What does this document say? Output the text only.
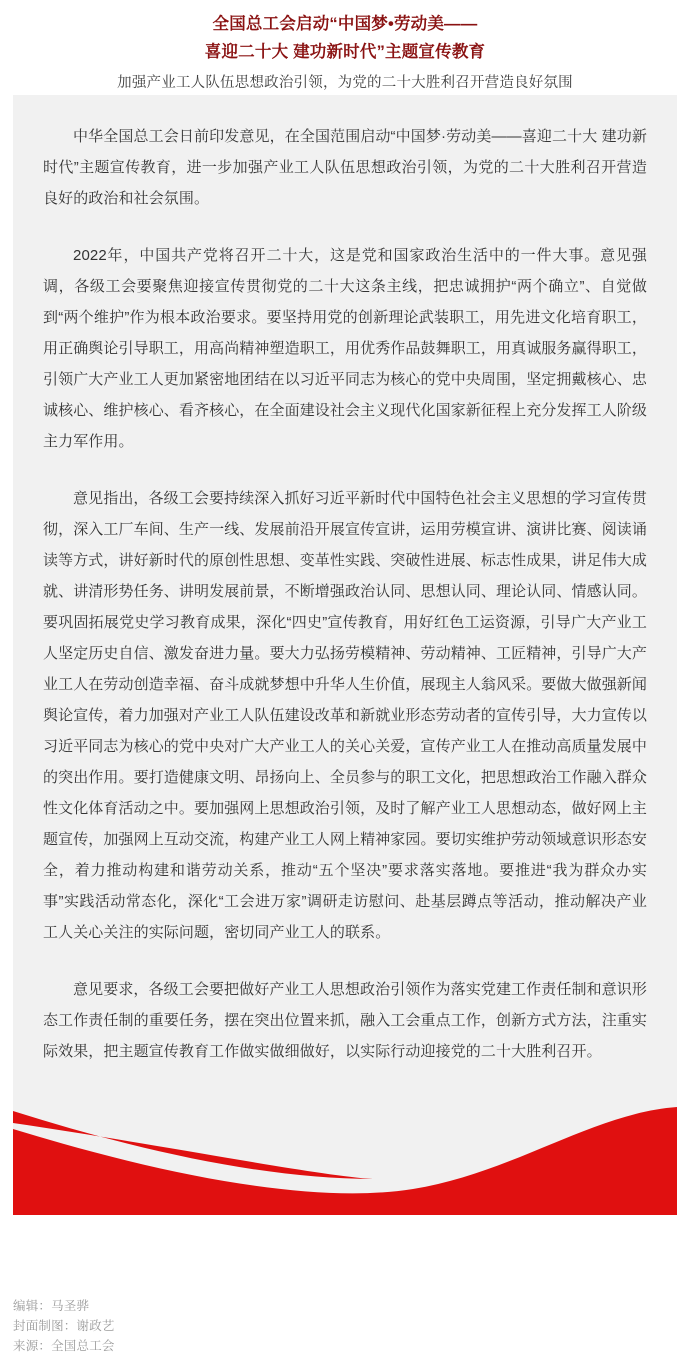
全国总工会启动“中国梦•劳动美——
喜迎二十大 建功新时代”主题宣传教育
加强产业工人队伍思想政治引领，为党的二十大胜利召开营造良好氛围

中华全国总工会日前印发意见，在全国范围启动“中国梦·劳动美——喜迎二十大 建功新时代”主题宣传教育，进一步加强产业工人队伍思想政治引领，为党的二十大胜利召开营造良好的政治和社会氛围。

2022年，中国共产党将召开二十大，这是党和国家政治生活中的一件大事。意见强调，各级工会要聚焦迎接宣传贯彻党的二十大这条主线，把忠诚拥护“两个确立”、自觉做到“两个维护”作为根本政治要求。要坚持用党的创新理论武装职工，用先进文化培育职工，用正确舆论引导职工，用高尚精神塑造职工，用优秀作品鼓舞职工，用真诚服务赢得职工，引领广大产业工人更加紧密地团结在以习近平同志为核心的党中央周围，坚定拥戴核心、忠诚核心、维护核心、看齐核心，在全面建设社会主义现代化国家新征程上充分发挥工人阶级主力军作用。

意见指出，各级工会要持续深入抓好习近平新时代中国特色社会主义思想的学习宣传贯彻，深入工厂车间、生产一线、发展前沿开展宣传宣讲，运用劳模宣讲、演讲比赛、阅读诵读等方式，讲好新时代的原创性思想、变革性实践、突破性进展、标志性成果，讲足伟大成就、讲清形势任务、讲明发展前景，不断增强政治认同、思想认同、理论认同、情感认同。要巩固拓展党史学习教育成果，深化“四史”宣传教育，用好红色工运资源，引导广大产业工人坚定历史自信、激发奋进力量。要大力弘扬劳模精神、劳动精神、工匠精神，引导广大产业工人在劳动创造幸福、奋斗成就梦想中升华人生价值，展现主人翁风采。要做大做强新闻舆论宣传，着力加强对产业工人队伍建设改革和新就业形态劳动者的宣传引导，大力宣传以习近平同志为核心的党中央对广大产业工人的关心关爱，宣传产业工人在推动高质量发展中的突出作用。要打造健康文明、昂扬向上、全员参与的职工文化，把思想政治工作融入群众性文化体育活动之中。要加强网上思想政治引领，及时了解产业工人思想动态，做好网上主题宣传，加强网上互动交流，构建产业工人网上精神家园。要切实维护劳动领域意识形态安全，着力推动构建和谐劳动关系，推动“五个坚决”要求落实落地。要推进“我为群众办实事”实践活动常态化，深化“工会进万家”调研走访慰问、赴基层蹲点等活动，推动解决产业工人关心关注的实际问题，密切同产业工人的联系。

意见要求，各级工会要把做好产业工人思想政治引领作为落实党建工作责任制和意识形态工作责任制的重要任务，摆在突出位置来抓，融入工会重点工作，创新方式方法，注重实际效果，把主题宣传教育工作做实做细做好，以实际行动迎接党的二十大胜利召开。

编辑：马圣骅
封面制图：谢政艺
来源：全国总工会
